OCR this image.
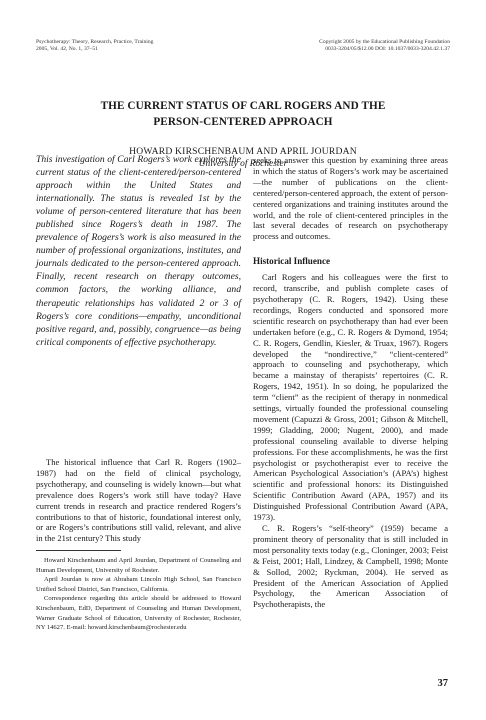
Psychotherapy: Theory, Research, Practice, Training
2005, Vol. 42, No. 1, 37–51
Copyright 2005 by the Educational Publishing Foundation
0033-3204/05/$12.00 DOI: 10.1037/0033-3204.42.1.37
THE CURRENT STATUS OF CARL ROGERS AND THE
PERSON-CENTERED APPROACH
HOWARD KIRSCHENBAUM AND APRIL JOURDAN
University of Rochester

This investigation of Carl Rogers’s work explores the current status of the client-centered/person-centered approach within the United States and internationally. The status is revealed 1st by the volume of person-centered literature that has been published since Rogers’s death in 1987. The prevalence of Rogers’s work is also measured in the number of professional organizations, institutes, and journals dedicated to the person-centered approach. Finally, recent research on therapy outcomes, common factors, the working alliance, and therapeutic relationships has validated 2 or 3 of Rogers’s core conditions—empathy, unconditional positive regard, and, possibly, congruence—as being critical components of effective psychotherapy.

The historical influence that Carl R. Rogers (1902–1987) had on the field of clinical psychology, psychotherapy, and counseling is widely known—but what prevalence does Rogers’s work still have today? Have current trends in research and practice rendered Rogers’s contributions to that of historic, foundational interest only, or are Rogers’s contributions still valid, relevant, and alive in the 21st century? This study

Howard Kirschenbaum and April Jourdan, Department of Counseling and Human Development, University of Rochester.

April Jourdan is now at Abraham Lincoln High School, San Francisco Unified School District, San Francisco, California.

Correspondence regarding this article should be addressed to Howard Kirschenbaum, EdD, Department of Counseling and Human Development, Warner Graduate School of Education, University of Rochester, Rochester, NY 14627. E-mail: howard.kirschenbaum@rochester.edu

seeks to answer this question by examining three areas in which the status of Rogers’s work may be ascertained—the number of publications on the client-centered/person-centered approach, the extent of person-centered organizations and training institutes around the world, and the role of client-centered principles in the last several decades of research on psychotherapy process and outcomes.

Historical Influence

Carl Rogers and his colleagues were the first to record, transcribe, and publish complete cases of psychotherapy (C. R. Rogers, 1942). Using these recordings, Rogers conducted and sponsored more scientific research on psychotherapy than had ever been undertaken before (e.g., C. R. Rogers & Dymond, 1954; C. R. Rogers, Gendlin, Kiesler, & Truax, 1967). Rogers developed the “nondirective,” “client-centered” approach to counseling and psychotherapy, which became a mainstay of therapists’ repertoires (C. R. Rogers, 1942, 1951). In so doing, he popularized the term “client” as the recipient of therapy in nonmedical settings, virtually founded the professional counseling movement (Capuzzi & Gross, 2001; Gibson & Mitchell, 1999; Gladding, 2000; Nugent, 2000), and made professional counseling available to diverse helping professions. For these accomplishments, he was the first psychologist or psychotherapist ever to receive the American Psychological Association’s (APA’s) highest scientific and professional honors: its Distinguished Scientific Contribution Award (APA, 1957) and its Distinguished Professional Contribution Award (APA, 1973).

C. R. Rogers’s “self-theory” (1959) became a prominent theory of personality that is still included in most personality texts today (e.g., Cloninger, 2003; Feist & Feist, 2001; Hall, Lindzey, & Campbell, 1998; Monte & Sollod, 2002; Ryckman, 2004). He served as President of the American Association of Applied Psychology, the American Association of Psychotherapists, the

37
